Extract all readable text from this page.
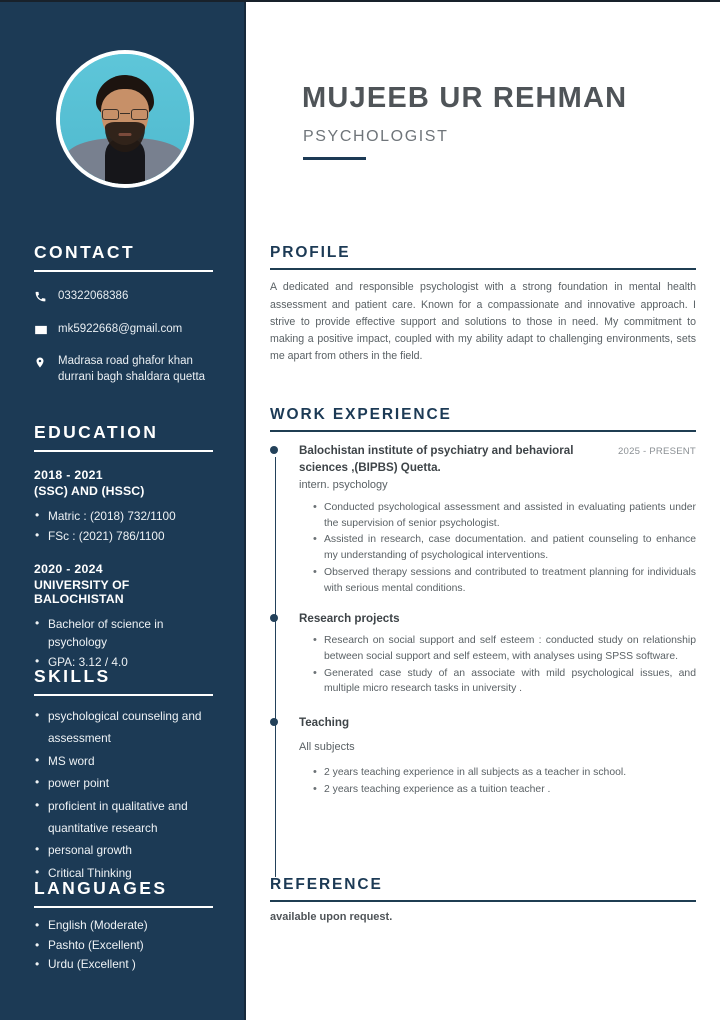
CONTACT
03322068386
mk5922668@gmail.com
Madrasa road ghafor khan durrani bagh shaldara quetta
EDUCATION
2018 - 2021
(SSC) AND (HSSC)
• Matric : (2018) 732/1100
• FSc : (2021) 786/1100
2020 - 2024
UNIVERSITY OF BALOCHISTAN
• Bachelor of science in psychology
• GPA: 3.12 / 4.0
SKILLS
• psychological counseling and assessment
• MS word
• power point
• proficient in qualitative and quantitative research
• personal growth
• Critical Thinking
LANGUAGES
• English (Moderate)
• Pashto (Excellent)
• Urdu (Excellent )
MUJEEB UR REHMAN
PSYCHOLOGIST
PROFILE

A dedicated and responsible psychologist with a strong foundation in mental health assessment and patient care. Known for a compassionate and innovative approach. I strive to provide effective support and solutions to those in need. My commitment to making a positive impact, coupled with my ability adapt to challenging environments, sets me apart from others in the field.

WORK EXPERIENCE
2025 - PRESENT
Balochistan institute of psychiatry and behavioral sciences ,(BIPBS) Quetta.
intern. psychology
• Conducted psychological assessment and assisted in evaluating patients under the supervision of senior psychologist.
• Assisted in research, case documentation. and patient counseling to enhance my understanding of psychological interventions.
• Observed therapy sessions and contributed to treatment planning for individuals with serious mental conditions.
Research projects
• Research on social support and self esteem : conducted study on relationship between social support and self esteem, with analyses using SPSS software.
• Generated case study of an associate with mild psychological issues, and multiple micro research tasks in university .
Teaching
All subjects
• 2 years teaching experience in all subjects as a teacher in school.
• 2 years teaching experience as a tuition teacher .
REFERENCE
available upon request.
